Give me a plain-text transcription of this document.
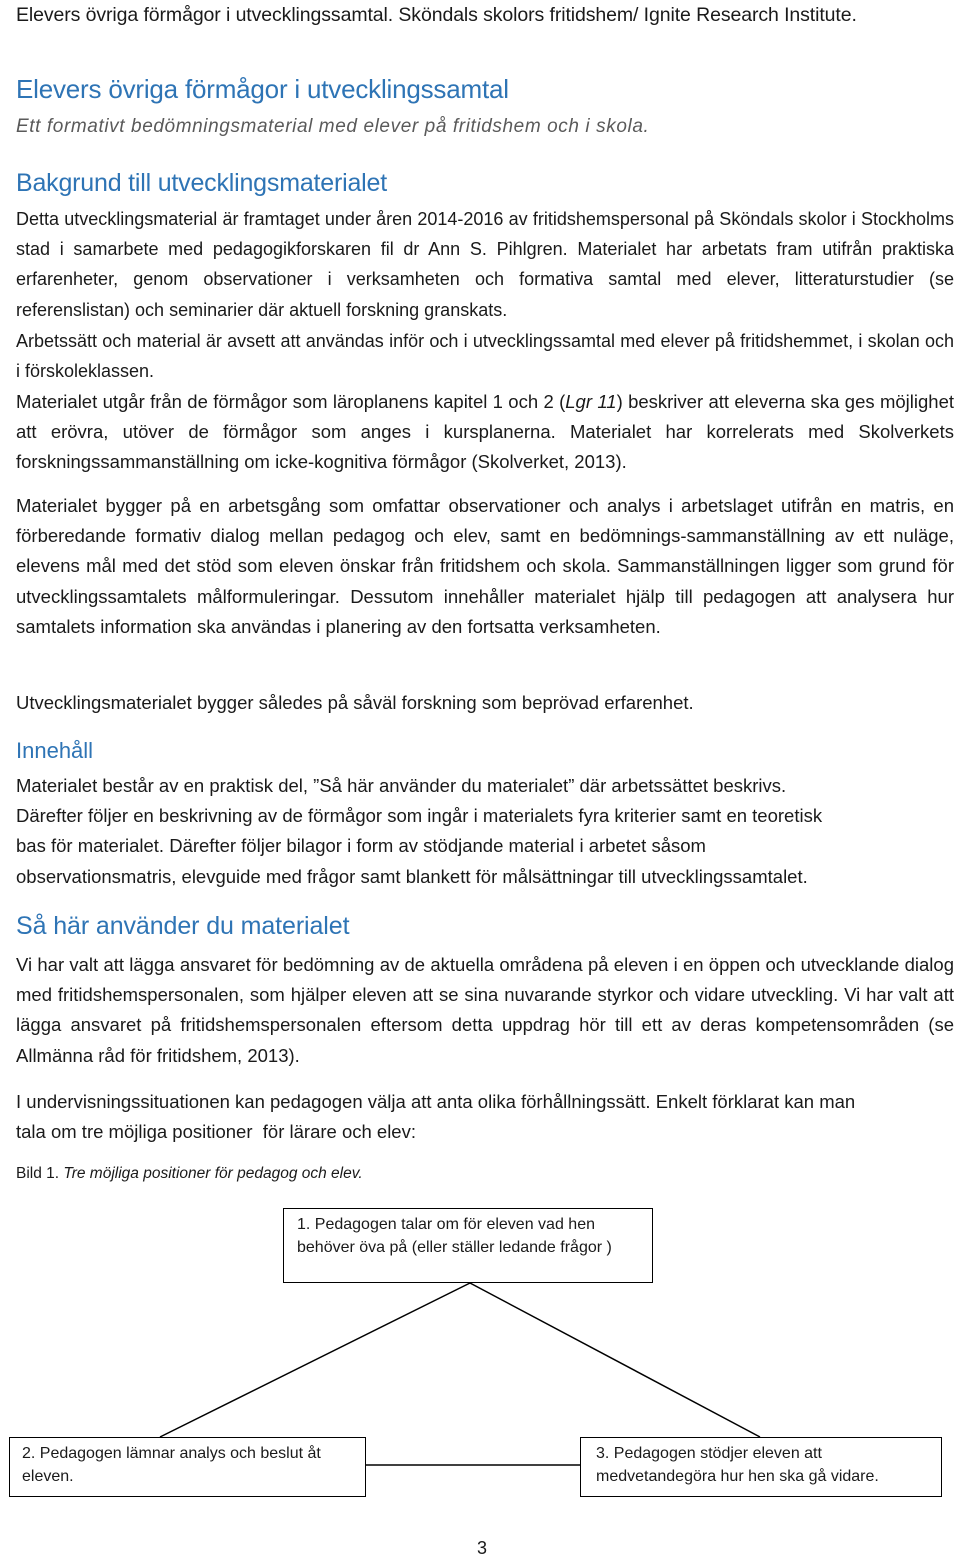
Elevers övriga förmågor i utvecklingssamtal. Sköndals skolors fritidshem/ Ignite Research Institute.
Elevers övriga förmågor i utvecklingssamtal
Ett formativt bedömningsmaterial med elever på fritidshem och i skola.
Bakgrund till utvecklingsmaterialet

Detta utvecklingsmaterial är framtaget under åren 2014-2016 av fritidshemspersonal på Sköndals skolor i Stockholms stad i samarbete med pedagogikforskaren fil dr Ann S. Pihlgren. Materialet har arbetats fram utifrån praktiska erfarenheter, genom observationer i verksamheten och formativa samtal med elever, litteraturstudier (se referenslistan) och seminarier där aktuell forskning granskats.

Arbetssätt och material är avsett att användas inför och i utvecklingssamtal med elever på fritidshemmet, i skolan och i förskoleklassen.

Materialet utgår från de förmågor som läroplanens kapitel 1 och 2 (Lgr 11) beskriver att eleverna ska ges möjlighet att erövra, utöver de förmågor som anges i kursplanerna. Materialet har korrelerats med Skolverkets forskningssammanställning om icke-kognitiva förmågor (Skolverket, 2013).

Materialet bygger på en arbetsgång som omfattar observationer och analys i arbetslaget utifrån en matris, en förberedande formativ dialog mellan pedagog och elev, samt en bedömnings-sammanställning av ett nuläge, elevens mål med det stöd som eleven önskar från fritidshem och skola. Sammanställningen ligger som grund för utvecklingssamtalets målformuleringar. Dessutom innehåller materialet hjälp till pedagogen att analysera hur samtalets information ska användas i planering av den fortsatta verksamheten.

Utvecklingsmaterialet bygger således på såväl forskning som beprövad erfarenhet.

Innehåll

Materialet består av en praktisk del, ”Så här använder du materialet” där arbetssättet beskrivs.
Därefter följer en beskrivning av de förmågor som ingår i materialets fyra kriterier samt en teoretisk
bas för materialet. Därefter följer bilagor i form av stödjande material i arbetet såsom
observationsmatris, elevguide med frågor samt blankett för målsättningar till utvecklingssamtalet.

Så här använder du materialet

Vi har valt att lägga ansvaret för bedömning av de aktuella områdena på eleven i en öppen och utvecklande dialog med fritidshemspersonalen, som hjälper eleven att se sina nuvarande styrkor och vidare utveckling. Vi har valt att lägga ansvaret på fritidshemspersonalen eftersom detta uppdrag hör till ett av deras kompetensområden (se Allmänna råd för fritidshem, 2013).

I undervisningssituationen kan pedagogen välja att anta olika förhållningssätt. Enkelt förklarat kan man
tala om tre möjliga positioner  för lärare och elev:

Bild 1. Tre möjliga positioner för pedagog och elev.
1. Pedagogen talar om för eleven vad hen
behöver öva på (eller ställer ledande frågor )
2. Pedagogen lämnar analys och beslut åt
eleven.
3. Pedagogen stödjer eleven att
medvetandegöra hur hen ska gå vidare.
3
